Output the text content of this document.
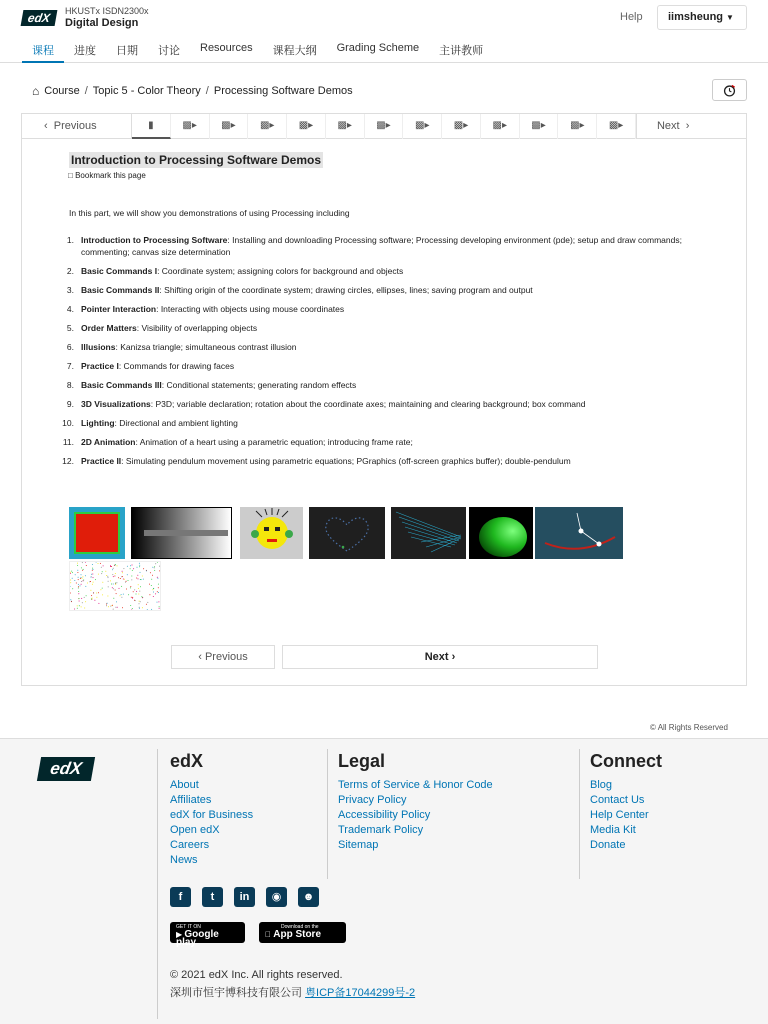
edX	HKUSTx ISDN2300x
Digital Design	Help	iimsheung ▼
课程	进度	日期	讨论	Resources	课程大纲	Grading Scheme	主讲教师
⌂ Course / Topic 5 - Color Theory / Processing Software Demos
‹ Previous	▮	▩▸	▩▸	▩▸	▩▸	▩▸	▩▸	▩▸	▩▸	▩▸	▩▸	▩▸	▩▸	Next ›
Introduction to Processing Software Demos
□ Bookmark this page
In this part, we will show you demonstrations of using Processing including
1. Introduction to Processing Software: Installing and downloading Processing software; Processing developing environment (pde); setup and draw commands; commenting; canvas size determination
2. Basic Commands I: Coordinate system; assigning colors for background and objects
3. Basic Commands II: Shifting origin of the coordinate system; drawing circles, ellipses, lines; saving program and output
4. Pointer Interaction: Interacting with objects using mouse coordinates
5. Order Matters: Visibility of overlapping objects
6. Illusions: Kanizsa triangle; simultaneous contrast illusion
7. Practice I: Commands for drawing faces
8. Basic Commands III: Conditional statements; generating random effects
9. 3D Visualizations: P3D; variable declaration; rotation about the coordinate axes; maintaining and clearing background; box command
10. Lighting: Directional and ambient lighting
11. 2D Animation: Animation of a heart using a parametric equation; introducing frame rate;
12. Practice II: Simulating pendulum movement using parametric equations; PGraphics (off-screen graphics buffer); double-pendulum
‹ Previous	Next ›
© All Rights Reserved
edX	edX
About
Affiliates
edX for Business
Open edX
Careers
News
Legal
Terms of Service & Honor Code
Privacy Policy
Accessibility Policy
Trademark Policy
Sitemap
Connect
Blog
Contact Us
Help Center
Media Kit
Donate
f	t	in	◉	☻
GET IT ON
▶ Google play
Download on the
App Store
© 2021 edX Inc. All rights reserved.
深圳市恒宇博科技有限公司 粤ICP备17044299号-2
